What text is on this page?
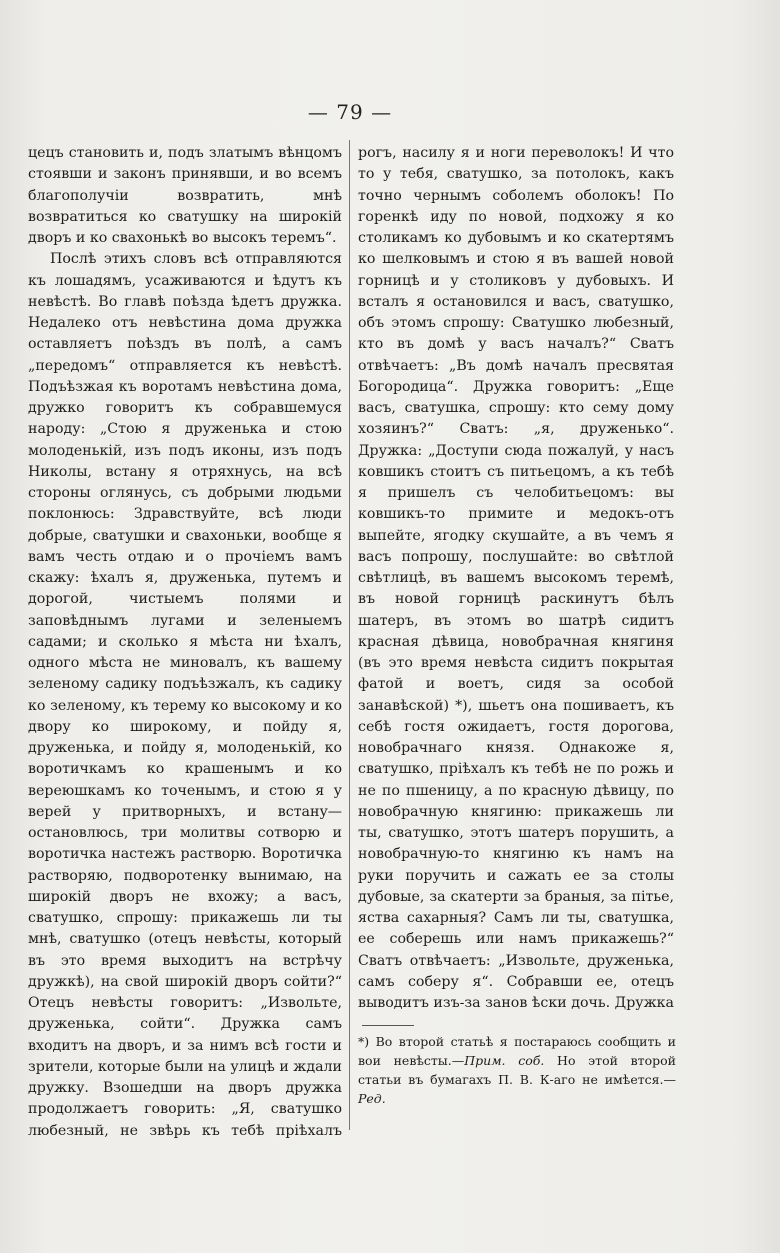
— 79 —

цецъ становить и, подъ златымъ вѣнцомъ стоявши и законъ принявши, и во всемъ благополучіи возвратить, мнѣ возвратиться ко сватушку на широкій дворъ и ко свахонькѣ во высокъ теремъ“.

Послѣ этихъ словъ всѣ отправляются къ лошадямъ, усаживаются и ѣдутъ къ невѣстѣ. Во главѣ поѣзда ѣдетъ дружка. Недалеко отъ невѣстина дома дружка оставляетъ поѣздъ въ полѣ, а самъ „передомъ“ отправляется къ невѣстѣ. Подъѣзжая къ воротамъ невѣстина дома, дружко говоритъ къ собравшемуся народу: „Стою я друженька и стою молоденькій, изъ подъ иконы, изъ подъ Николы, встану я отряхнусь, на всѣ стороны оглянусь, съ добрыми людьми поклонюсь: Здравствуйте, всѣ люди добрые, сватушки и свахоньки, вообще я вамъ честь отдаю и о прочіемъ вамъ скажу: ѣхалъ я, друженька, путемъ и дорогой, чистыемъ полями и заповѣднымъ лугами и зеленыемъ садами; и сколько я мѣста ни ѣхалъ, одного мѣста не миновалъ, къ вашему зеленому садику подъѣзжалъ, къ садику ко зеленому, къ терему ко высокому и ко двору ко широкому, и пойду я, друженька, и пойду я, молоденькій, ко воротичкамъ ко крашенымъ и ко вереюшкамъ ко точенымъ, и стою я у верей у притворныхъ, и встану—остановлюсь, три молитвы сотворю и воротичка настежъ растворю. Воротичка растворяю, подворотенку вынимаю, на широкій дворъ не вхожу; а васъ, сватушко, спрошу: прикажешь ли ты мнѣ, сватушко (отецъ невѣсты, который въ это время выходитъ на встрѣчу дружкѣ), на свой широкій дворъ сойти?“ Отецъ невѣсты говоритъ: „Извольте, друженька, сойти“. Дружка самъ входитъ на дворъ, и за нимъ всѣ гости и зрители, которые были на улицѣ и ждали дружку. Взошедши на дворъ дружка продолжаетъ говорить: „Я, сватушко любезный, не звѣрь къ тебѣ пріѣхалъ

рогъ, насилу я и ноги переволокъ! И что то у тебя, сватушко, за потолокъ, какъ точно чернымъ соболемъ оболокъ! По горенкѣ иду по новой, подхожу я ко столикамъ ко дубовымъ и ко скатертямъ ко шелковымъ и стою я въ вашей новой горницѣ и у столиковъ у дубовыхъ. И всталъ я остановился и васъ, сватушко, объ этомъ спрошу: Сватушко любезный, кто въ домѣ у васъ началъ?“ Сватъ отвѣчаетъ: „Въ домѣ началъ пресвятая Богородица“. Дружка говоритъ: „Еще васъ, сватушка, спрошу: кто сему дому хозяинъ?“ Сватъ: „я, друженько“. Дружка: „Доступи сюда пожалуй, у насъ ковшикъ стоитъ съ питьецомъ, а къ тебѣ я пришелъ съ челобитьецомъ: вы ковшикъ-то примите и медокъ-отъ выпейте, ягодку скушайте, а въ чемъ я васъ попрошу, послушайте: во свѣтлой свѣтлицѣ, въ вашемъ высокомъ теремѣ, въ новой горницѣ раскинутъ бѣлъ шатеръ, въ этомъ во шатрѣ сидитъ красная дѣвица, новобрачная княгиня (въ это время невѣста сидитъ покрытая фатой и воетъ, сидя за особой занавѣской) *), шьетъ она пошиваетъ, къ себѣ гостя ожидаетъ, гостя дорогова, новобрачнаго князя. Однакоже я, сватушко, пріѣхалъ къ тебѣ не по рожь и не по пшеницу, а по красную дѣвицу, по новобрачную княгиню: прикажешь ли ты, сватушко, этотъ шатеръ порушить, а новобрачную-то княгиню къ намъ на руки поручить и сажать ее за столы дубовые, за скатерти за браныя, за пітье, яства сахарныя? Самъ ли ты, сватушка, ее соберешь или намъ прикажешь?“ Сватъ отвѣчаетъ: „Извольте, друженька, самъ соберу я“. Собравши ее, отецъ выводитъ изъ-за занов ѣски дочь. Дружка

*) Во второй статьѣ я постараюсь сообщить и вои невѣсты.—Прим. соб. Но этой второй статьи въ бумагахъ П. В. К-аго не имѣется.—Ред.
